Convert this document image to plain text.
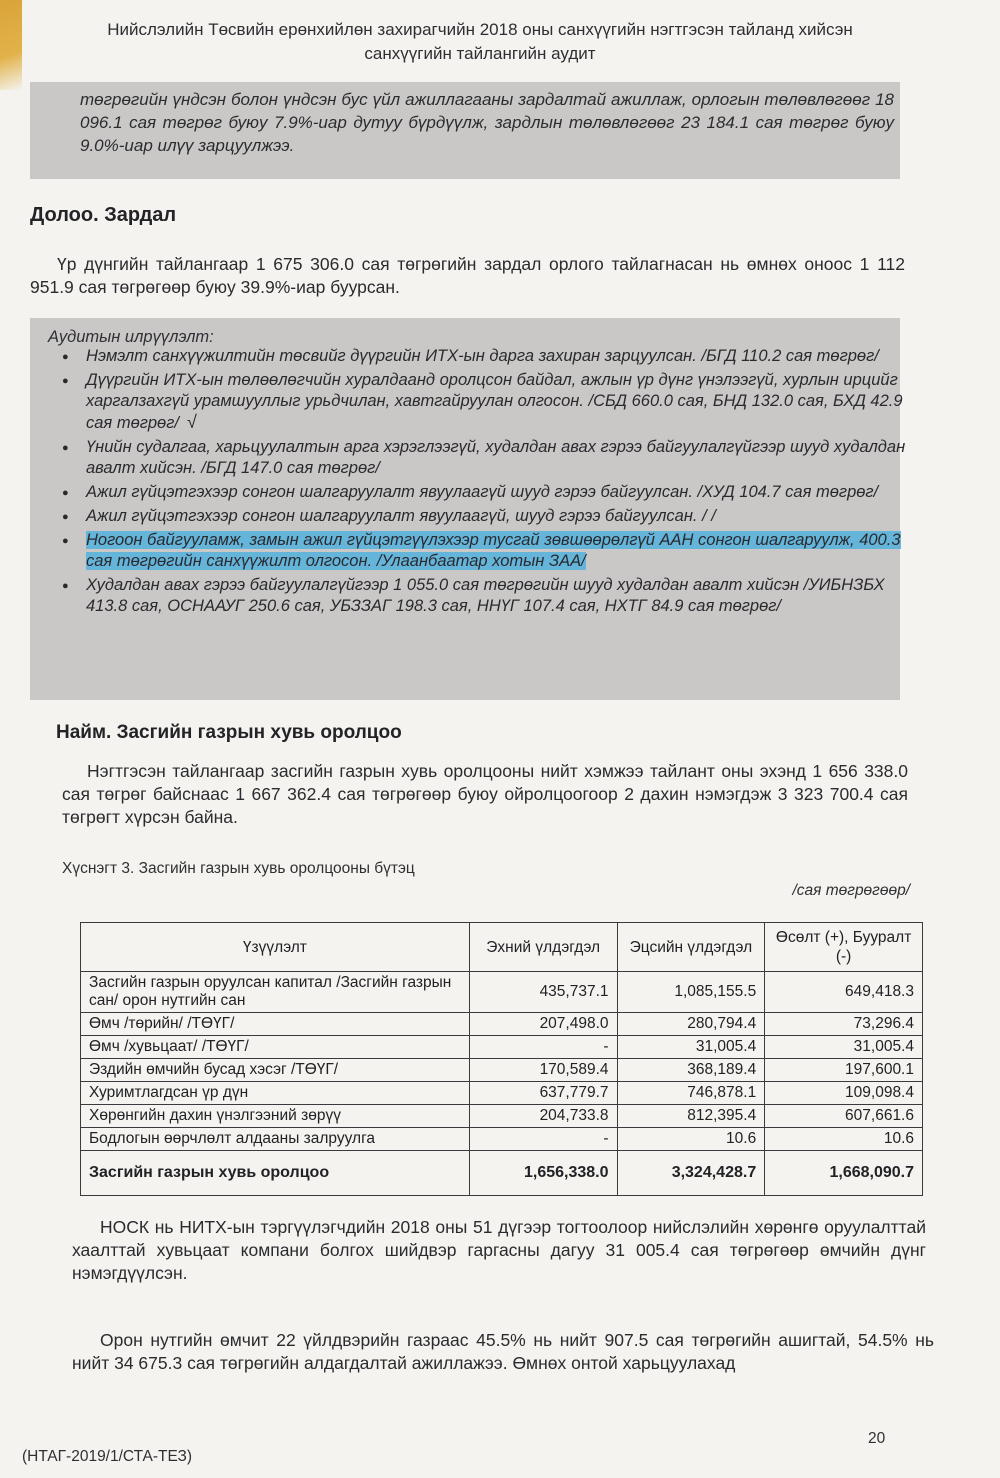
Нийслэлийн Төсвийн ерөнхийлөн захирагчийн 2018 оны санхүүгийн нэгтгэсэн тайланд хийсэн
санхүүгийн тайлангийн аудит

төгрөгийн үндсэн болон үндсэн бус үйл ажиллагааны зардалтай ажиллаж, орлогын төлөвлөгөөг 18 096.1 сая төгрөг буюу 7.9%-иар дутуу бүрдүүлж, зардлын төлөвлөгөөг 23 184.1 сая төгрөг буюу 9.0%-иар илүү зарцуулжээ.

Долоо. Зардал

Үр дүнгийн тайлангаар 1 675 306.0 сая төгрөгийн зардал орлого тайлагнасан нь өмнөх оноос 1 112 951.9 сая төгрөгөөр буюу 39.9%-иар буурсан.

Аудитын илрүүлэлт:
● Нэмэлт санхүүжилтийн төсвийг дүүргийн ИТХ-ын дарга захиран зарцуулсан. /БГД 110.2 сая төгрөг/
● Дүүргийн ИТХ-ын төлөөлөгчийн хуралдаанд оролцсон байдал, ажлын үр дүнг үнэлээгүй, хурлын ирцийг харгалзахгүй урамшууллыг урьдчилан, хавтгайруулан олгосон. /СБД 660.0 сая, БНД 132.0 сая, БХД 42.9 сая төгрөг/ √
● Үнийн судалгаа, харьцуулалтын арга хэрэглээгүй, худалдан авах гэрээ байгуулалгүйгээр шууд худалдан авалт хийсэн. /БГД 147.0 сая төгрөг/
● Ажил гүйцэтгэхээр сонгон шалгаруулалт явуулаагүй шууд гэрээ байгуулсан. /ХУД 104.7 сая төгрөг/
● Ажил гүйцэтгэхээр сонгон шалгаруулалт явуулаагүй, шууд гэрээ байгуулсан. / /
● Ногоон байгууламж, замын ажил гүйцэтгүүлэхээр тусгай зөвшөөрөлгүй ААН сонгон шалгаруулж, 400.3 сая төгрөгийн санхүүжилт олгосон. /Улаанбаатар хотын ЗАА/
● Худалдан авах гэрээ байгуулалгүйгээр 1 055.0 сая төгрөгийн шууд худалдан авалт хийсэн /УИБНЗБХ 413.8 сая, ОСНААУГ 250.6 сая, УБЗЗАГ 198.3 сая, ННҮГ 107.4 сая, НХТГ 84.9 сая төгрөг/
Найм. Засгийн газрын хувь оролцоо

Нэгтгэсэн тайлангаар засгийн газрын хувь оролцооны нийт хэмжээ тайлант оны эхэнд 1 656 338.0 сая төгрөг байснаас 1 667 362.4 сая төгрөгөөр буюу ойролцоогоор 2 дахин нэмэгдэж 3 323 700.4 сая төгрөгт хүрсэн байна.

Хүснэгт 3. Засгийн газрын хувь оролцооны бүтэц
/сая төгрөгөөр/
Үзүүлэлт	Эхний үлдэгдэл	Эцсийн үлдэгдэл	Өсөлт (+), Бууралт (-)
Засгийн газрын оруулсан капитал /Засгийн газрын сан/ орон нутгийн сан	435,737.1	1,085,155.5	649,418.3
Өмч /төрийн/ /ТӨҮГ/	207,498.0	280,794.4	73,296.4
Өмч /хувьцаат/ /ТӨҮГ/	-	31,005.4	31,005.4
Эздийн өмчийн бусад хэсэг /ТӨҮГ/	170,589.4	368,189.4	197,600.1
Хуримтлагдсан үр дүн	637,779.7	746,878.1	109,098.4
Хөрөнгийн дахин үнэлгээний зөрүү	204,733.8	812,395.4	607,661.6
Бодлогын өөрчлөлт алдааны залруулга	-	10.6	10.6
Засгийн газрын хувь оролцоо	1,656,338.0	3,324,428.7	1,668,090.7

НОСК нь НИТХ-ын тэргүүлэгчдийн 2018 оны 51 дүгээр тогтоолоор нийслэлийн хөрөнгө оруулалттай хаалттай хувьцаат компани болгох шийдвэр гаргасны дагуу 31 005.4 сая төгрөгөөр өмчийн дүнг нэмэгдүүлсэн.

Орон нутгийн өмчит 22 үйлдвэрийн газраас 45.5% нь нийт 907.5 сая төгрөгийн ашигтай, 54.5% нь нийт 34 675.3 сая төгрөгийн алдагдалтай ажиллажээ. Өмнөх онтой харьцуулахад

20
(НТАГ-2019/1/СТА-ТЕЗ)
